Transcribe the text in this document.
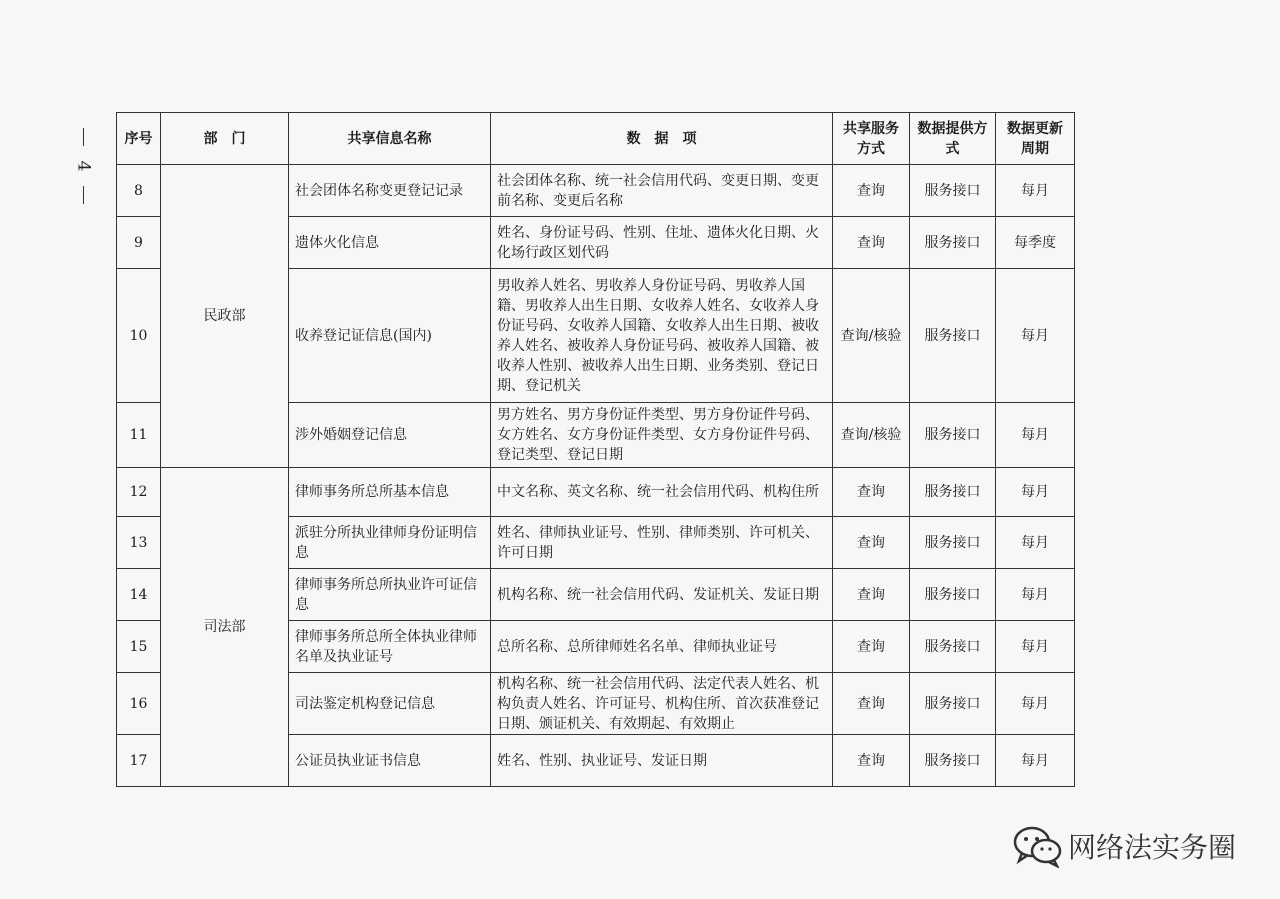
4
序号	部　门	共享信息名称	数　据　项	共享服务方式	数据提供方式	数据更新周期
8	民政部	社会团体名称变更登记记录	社会团体名称、统一社会信用代码、变更日期、变更前名称、变更后名称	查询	服务接口	每月
9		遗体火化信息	姓名、身份证号码、性别、住址、遗体火化日期、火化场行政区划代码	查询	服务接口	每季度
10		收养登记证信息(国内)	男收养人姓名、男收养人身份证号码、男收养人国籍、男收养人出生日期、女收养人姓名、女收养人身份证号码、女收养人国籍、女收养人出生日期、被收养人姓名、被收养人身份证号码、被收养人国籍、被收养人性别、被收养人出生日期、业务类别、登记日期、登记机关	查询/核验	服务接口	每月
11		涉外婚姻登记信息	男方姓名、男方身份证件类型、男方身份证件号码、女方姓名、女方身份证件类型、女方身份证件号码、登记类型、登记日期	查询/核验	服务接口	每月
12	司法部	律师事务所总所基本信息	中文名称、英文名称、统一社会信用代码、机构住所	查询	服务接口	每月
13		派驻分所执业律师身份证明信息	姓名、律师执业证号、性别、律师类别、许可机关、许可日期	查询	服务接口	每月
14		律师事务所总所执业许可证信息	机构名称、统一社会信用代码、发证机关、发证日期	查询	服务接口	每月
15		律师事务所总所全体执业律师名单及执业证号	总所名称、总所律师姓名名单、律师执业证号	查询	服务接口	每月
16		司法鉴定机构登记信息	机构名称、统一社会信用代码、法定代表人姓名、机构负责人姓名、许可证号、机构住所、首次获准登记日期、颁证机关、有效期起、有效期止	查询	服务接口	每月
17		公证员执业证书信息	姓名、性别、执业证号、发证日期	查询	服务接口	每月
网络法实务圈
